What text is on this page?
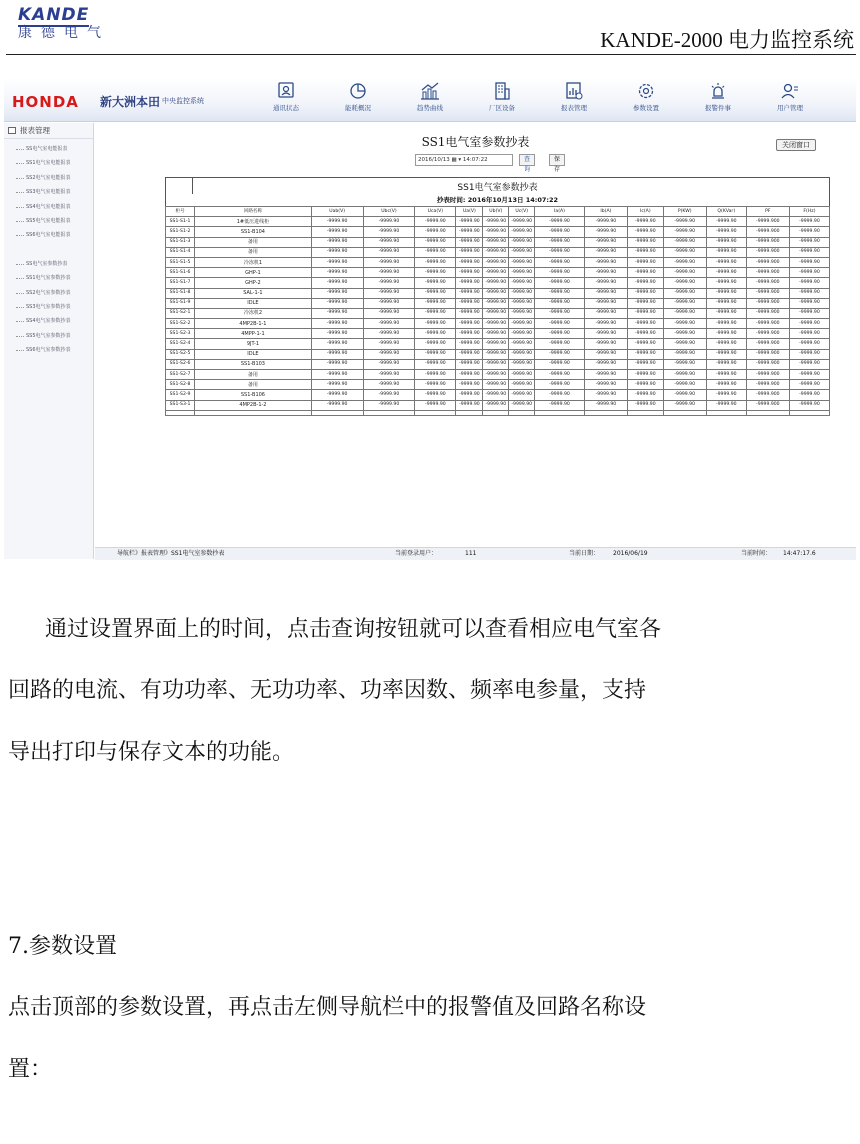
KANDE
康德电气	KANDE-2000 电力监控系统
HONDA 新大洲本田 中央监控系统
通讯状态	能耗概况	趋势曲线	厂区设备	报表管理	参数设置	报警件事	用户管理
报表管理
SS电气室电能报表
SS1电气室电能报表
SS2电气室电能报表
SS3电气室电能报表
SS4电气室电能报表
SS5电气室电能报表
SS6电气室电能报表
SS电气室参数抄表
SS1电气室参数抄表
SS2电气室参数抄表
SS3电气室参数抄表
SS4电气室参数抄表
SS5电气室参数抄表
SS6电气室参数抄表
SS1电气室参数抄表	关闭窗口
2016/10/13 ▦ ▾ 14:07:22	查询
保存
SS1电气室参数抄表
抄表时间: 2016年10月13日 14:07:22
柜号	回路名称	Uab(V)	Ubc(V)	Uca(V)	Ua(V)	Ub(V)	Uc(V)	Ia(A)	Ib(A)	Ic(A)	P(KW)	Q(KVar)	PF	F(Hz)
SS1-S1-1	1#低压进线柜	-9999.90	-9999.90	-9999.90	-9999.90	-9999.90	-9999.90	-9999.90	-9999.90	-9999.90	-9999.90	-9999.90	-9999.900	-9999.90
SS1-S1-2	SS1-B104	-9999.90	-9999.90	-9999.90	-9999.90	-9999.90	-9999.90	-9999.90	-9999.90	-9999.90	-9999.90	-9999.90	-9999.900	-9999.90
SS1-S1-3	备用	-9999.90	-9999.90	-9999.90	-9999.90	-9999.90	-9999.90	-9999.90	-9999.90	-9999.90	-9999.90	-9999.90	-9999.900	-9999.90
SS1-S1-4	备用	-9999.90	-9999.90	-9999.90	-9999.90	-9999.90	-9999.90	-9999.90	-9999.90	-9999.90	-9999.90	-9999.90	-9999.900	-9999.90
SS1-S1-5	冷冻机1	-9999.90	-9999.90	-9999.90	-9999.90	-9999.90	-9999.90	-9999.90	-9999.90	-9999.90	-9999.90	-9999.90	-9999.900	-9999.90
SS1-S1-6	GHP-1	-9999.90	-9999.90	-9999.90	-9999.90	-9999.90	-9999.90	-9999.90	-9999.90	-9999.90	-9999.90	-9999.90	-9999.900	-9999.90
SS1-S1-7	GHP-2	-9999.90	-9999.90	-9999.90	-9999.90	-9999.90	-9999.90	-9999.90	-9999.90	-9999.90	-9999.90	-9999.90	-9999.900	-9999.90
SS1-S1-8	SAL-1-1	-9999.90	-9999.90	-9999.90	-9999.90	-9999.90	-9999.90	-9999.90	-9999.90	-9999.90	-9999.90	-9999.90	-9999.900	-9999.90
SS1-S1-9	IDLE	-9999.90	-9999.90	-9999.90	-9999.90	-9999.90	-9999.90	-9999.90	-9999.90	-9999.90	-9999.90	-9999.90	-9999.900	-9999.90
SS1-S2-1	冷冻机2	-9999.90	-9999.90	-9999.90	-9999.90	-9999.90	-9999.90	-9999.90	-9999.90	-9999.90	-9999.90	-9999.90	-9999.900	-9999.90
SS1-S2-2	4MP2B-1-1	-9999.90	-9999.90	-9999.90	-9999.90	-9999.90	-9999.90	-9999.90	-9999.90	-9999.90	-9999.90	-9999.90	-9999.900	-9999.90
SS1-S2-3	4MPP-1-1	-9999.90	-9999.90	-9999.90	-9999.90	-9999.90	-9999.90	-9999.90	-9999.90	-9999.90	-9999.90	-9999.90	-9999.900	-9999.90
SS1-S2-4	9JT-1	-9999.90	-9999.90	-9999.90	-9999.90	-9999.90	-9999.90	-9999.90	-9999.90	-9999.90	-9999.90	-9999.90	-9999.900	-9999.90
SS1-S2-5	IDLE	-9999.90	-9999.90	-9999.90	-9999.90	-9999.90	-9999.90	-9999.90	-9999.90	-9999.90	-9999.90	-9999.90	-9999.900	-9999.90
SS1-S2-6	SS1-B103	-9999.90	-9999.90	-9999.90	-9999.90	-9999.90	-9999.90	-9999.90	-9999.90	-9999.90	-9999.90	-9999.90	-9999.900	-9999.90
SS1-S2-7	备用	-9999.90	-9999.90	-9999.90	-9999.90	-9999.90	-9999.90	-9999.90	-9999.90	-9999.90	-9999.90	-9999.90	-9999.900	-9999.90
SS1-S2-8	备用	-9999.90	-9999.90	-9999.90	-9999.90	-9999.90	-9999.90	-9999.90	-9999.90	-9999.90	-9999.90	-9999.90	-9999.900	-9999.90
SS1-S2-9	SS1-B106	-9999.90	-9999.90	-9999.90	-9999.90	-9999.90	-9999.90	-9999.90	-9999.90	-9999.90	-9999.90	-9999.90	-9999.900	-9999.90
SS1-S3-1	4MP2B-1-2	-9999.90	-9999.90	-9999.90	-9999.90	-9999.90	-9999.90	-9999.90	-9999.90	-9999.90	-9999.90	-9999.90	-9999.900	-9999.90

导航栏》报表管理》SS1电气室参数抄表	当前登录用户：	111	当前日期： 2016/06/19	当前时间： 14:47:17.6
通过设置界面上的时间，点击查询按钮就可以查看相应电气室各
回路的电流、有功功率、无功功率、功率因数、频率电参量，支持
导出打印与保存文本的功能。
7.参数设置
点击顶部的参数设置，再点击左侧导航栏中的报警值及回路名称设
置：
